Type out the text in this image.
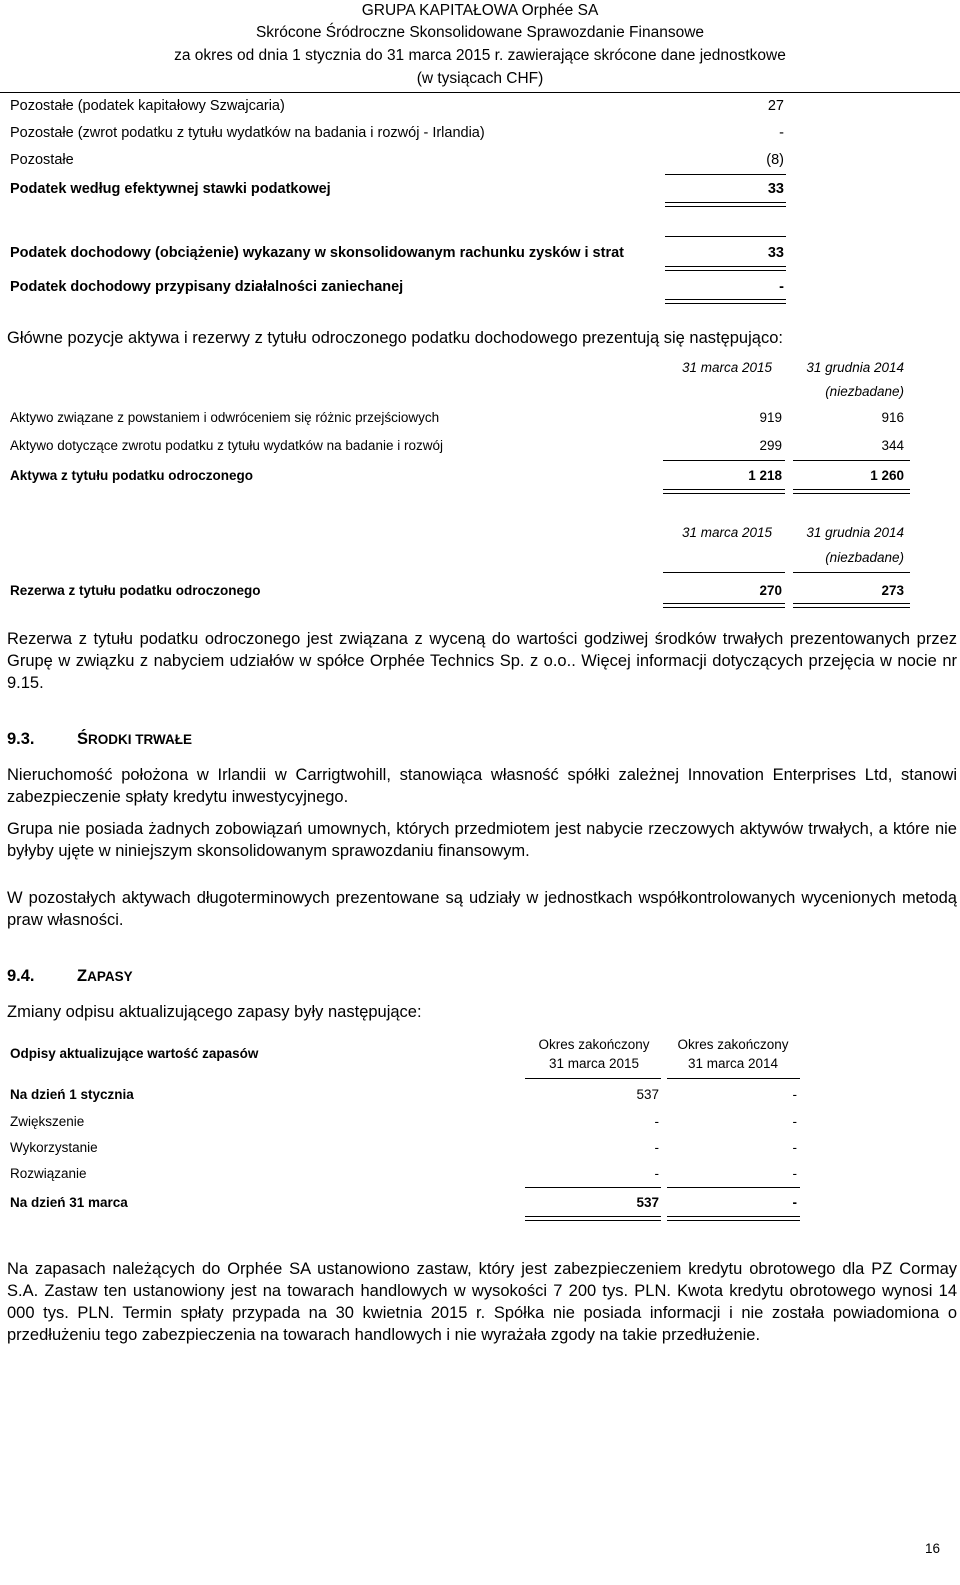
GRUPA KAPITAŁOWA Orphée SA
Skrócone Śródroczne Skonsolidowane Sprawozdanie Finansowe
za okres od dnia 1 stycznia do 31 marca 2015 r. zawierające skrócone dane jednostkowe
(w tysiącach CHF)
Pozostałe (podatek kapitałowy Szwajcaria)	27
Pozostałe (zwrot podatku z tytułu wydatków na badania i rozwój - Irlandia)	-
Pozostałe	(8)
Podatek według efektywnej stawki podatkowej	33
Podatek dochodowy (obciążenie) wykazany w skonsolidowanym rachunku zysków i strat	33
Podatek dochodowy przypisany działalności zaniechanej	-
Główne pozycje aktywa i rezerwy z tytułu odroczonego podatku dochodowego prezentują się następująco:
31 marca 2015	31 grudnia 2014
(niezbadane)
Aktywo związane z powstaniem i odwróceniem się różnic przejściowych	919	916
Aktywo dotyczące zwrotu podatku z tytułu wydatków na badanie i rozwój	299	344
Aktywa z tytułu podatku odroczonego	1 218	1 260
31 marca 2015	31 grudnia 2014
(niezbadane)
Rezerwa z tytułu podatku odroczonego	270	273
Rezerwa z tytułu podatku odroczonego jest związana z wyceną do wartości godziwej środków trwałych prezentowanych przez Grupę w związku z nabyciem udziałów w spółce Orphée Technics Sp. z o.o.. Więcej informacji dotyczących przejęcia w nocie nr 9.15.
9.3.	ŚRODKI TRWAŁE
Nieruchomość położona w Irlandii w Carrigtwohill, stanowiąca własność spółki zależnej Innovation Enterprises Ltd, stanowi zabezpieczenie spłaty kredytu inwestycyjnego.
Grupa nie posiada żadnych zobowiązań umownych, których przedmiotem jest nabycie rzeczowych aktywów trwałych, a które nie byłyby ujęte w niniejszym skonsolidowanym sprawozdaniu finansowym.
W pozostałych aktywach długoterminowych prezentowane są udziały w jednostkach współkontrolowanych wycenionych metodą praw własności.
9.4.	ZAPASY
Zmiany odpisu aktualizującego zapasy były następujące:
Odpisy aktualizujące wartość zapasów
Okres zakończony
31 marca 2015
Okres zakończony
31 marca 2014
Na dzień 1 stycznia	537	-
Zwiększenie	-	-
Wykorzystanie	-	-
Rozwiązanie	-	-
Na dzień 31 marca	537	-
Na zapasach należących do Orphée SA ustanowiono zastaw, który jest zabezpieczeniem kredytu obrotowego dla PZ Cormay S.A. Zastaw ten ustanowiony jest na towarach handlowych w wysokości 7 200 tys. PLN. Kwota kredytu obrotowego wynosi 14 000 tys. PLN. Termin spłaty przypada na 30 kwietnia 2015 r. Spółka nie posiada informacji i nie została powiadomiona o przedłużeniu tego zabezpieczenia na towarach handlowych i nie wyrażała zgody na takie przedłużenie.
16
